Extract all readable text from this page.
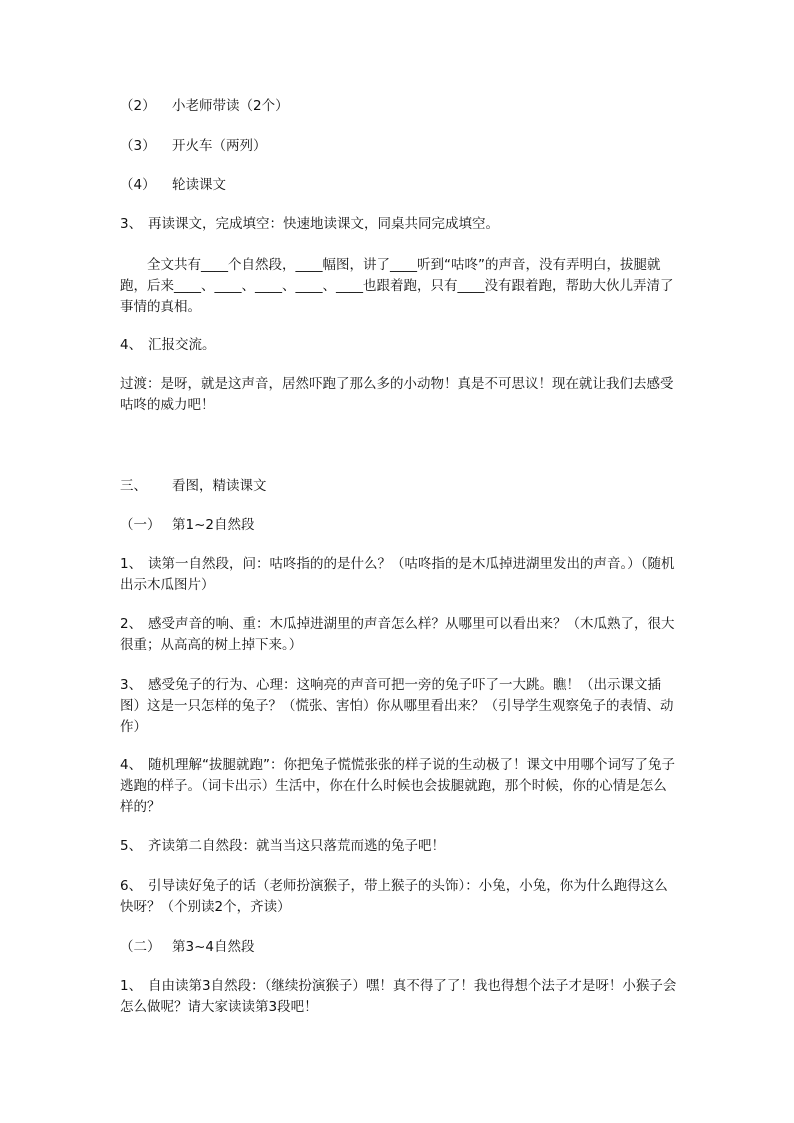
（2） 小老师带读（2个）
（3） 开火车（两列）
（4） 轮读课文
3、 再读课文，完成填空：快速地读课文，同桌共同完成填空。
全文共有____个自然段，____幅图，讲了____听到“咕咚”的声音，没有弄明白，拔腿就跑，后来____、____、____、____、____也跟着跑，只有____没有跟着跑，帮助大伙儿弄清了事情的真相。
4、 汇报交流。
过渡：是呀，就是这声音，居然吓跑了那么多的小动物！真是不可思议！现在就让我们去感受咕咚的威力吧！
三、 看图，精读课文
（一） 第1~2自然段
1、 读第一自然段，问：咕咚指的的是什么？（咕咚指的是木瓜掉进湖里发出的声音。）（随机出示木瓜图片）
2、 感受声音的响、重：木瓜掉进湖里的声音怎么样？从哪里可以看出来？（木瓜熟了，很大很重；从高高的树上掉下来。）
3、 感受兔子的行为、心理：这响亮的声音可把一旁的兔子吓了一大跳。瞧！（出示课文插图）这是一只怎样的兔子？（慌张、害怕）你从哪里看出来？（引导学生观察兔子的表情、动作）
4、 随机理解“拔腿就跑”：你把兔子慌慌张张的样子说的生动极了！课文中用哪个词写了兔子逃跑的样子。（词卡出示）生活中，你在什么时候也会拔腿就跑，那个时候，你的心情是怎么样的？
5、 齐读第二自然段：就当当这只落荒而逃的兔子吧！
6、 引导读好兔子的话（老师扮演猴子，带上猴子的头饰）：小兔，小兔，你为什么跑得这么快呀？（个别读2个，齐读）
（二） 第3~4自然段
1、 自由读第3自然段：（继续扮演猴子）嘿！真不得了了！我也得想个法子才是呀！小猴子会怎么做呢？请大家读读第3段吧！
